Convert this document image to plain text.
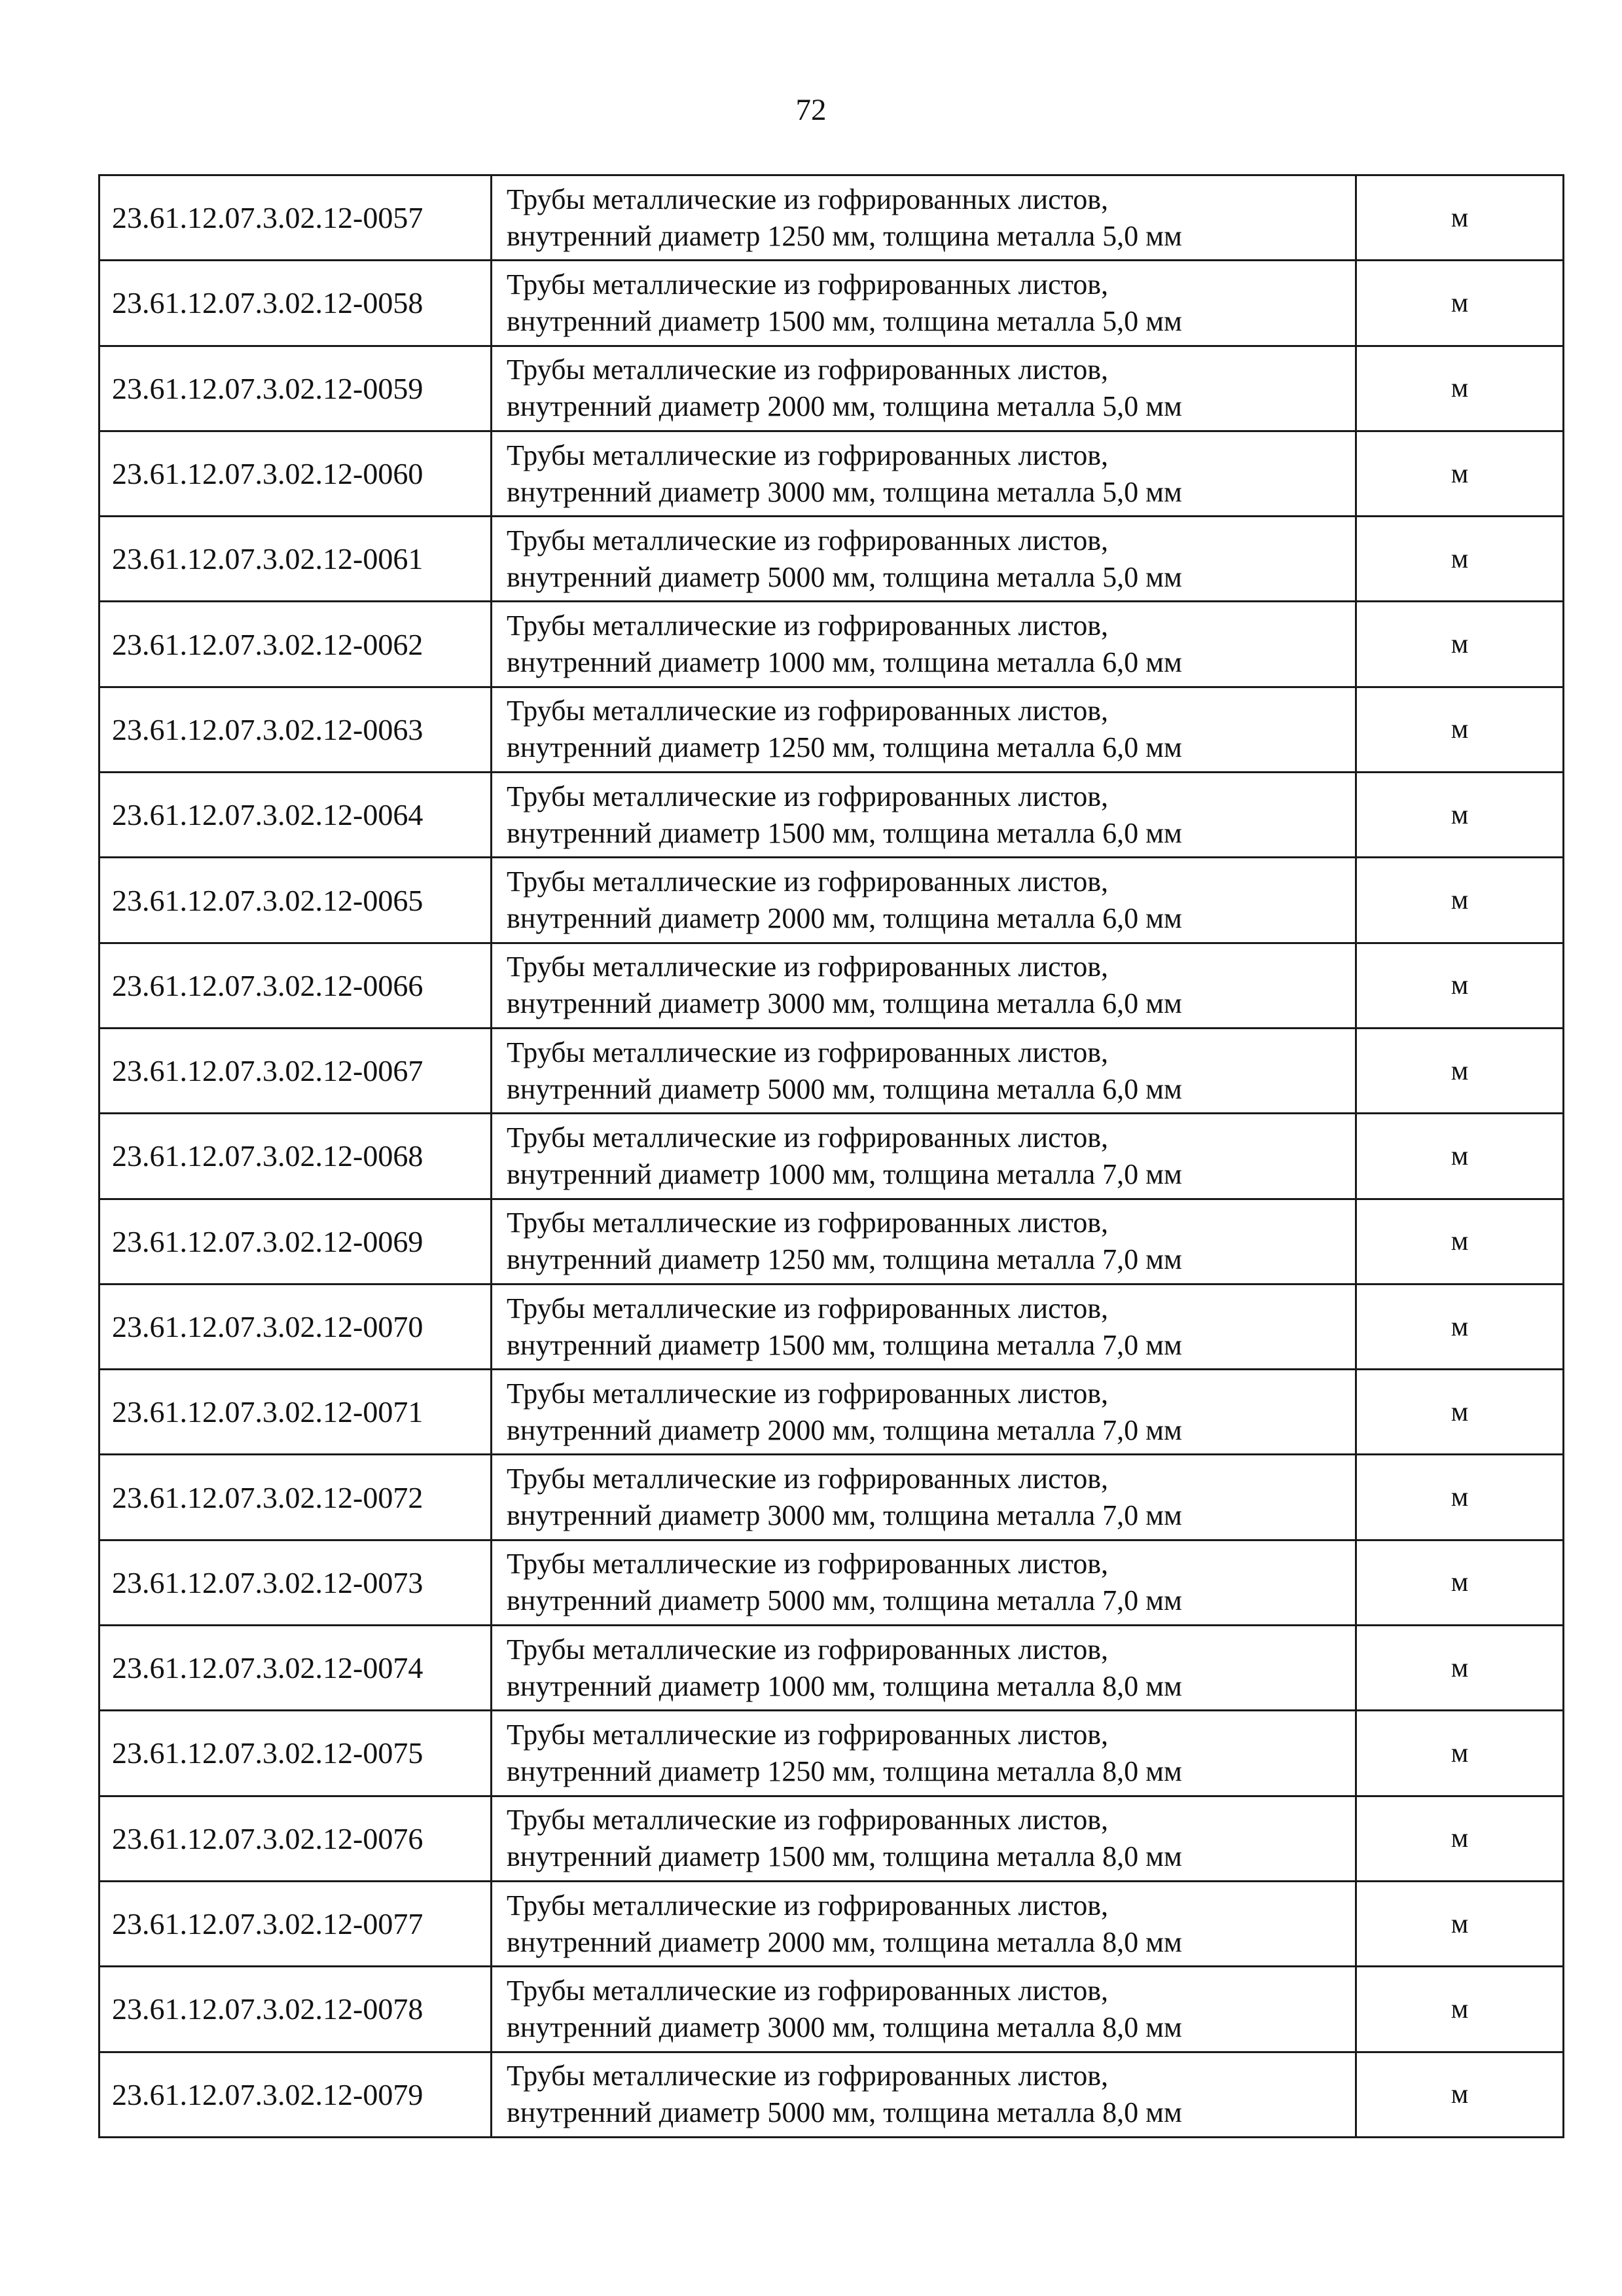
72
23.61.12.07.3.02.12-0057	Трубы металлические из гофрированных листов,
внутренний диаметр 1250 мм, толщина металла 5,0 мм	м
23.61.12.07.3.02.12-0058	Трубы металлические из гофрированных листов,
внутренний диаметр 1500 мм, толщина металла 5,0 мм	м
23.61.12.07.3.02.12-0059	Трубы металлические из гофрированных листов,
внутренний диаметр 2000 мм, толщина металла 5,0 мм	м
23.61.12.07.3.02.12-0060	Трубы металлические из гофрированных листов,
внутренний диаметр 3000 мм, толщина металла 5,0 мм	м
23.61.12.07.3.02.12-0061	Трубы металлические из гофрированных листов,
внутренний диаметр 5000 мм, толщина металла 5,0 мм	м
23.61.12.07.3.02.12-0062	Трубы металлические из гофрированных листов,
внутренний диаметр 1000 мм, толщина металла 6,0 мм	м
23.61.12.07.3.02.12-0063	Трубы металлические из гофрированных листов,
внутренний диаметр 1250 мм, толщина металла 6,0 мм	м
23.61.12.07.3.02.12-0064	Трубы металлические из гофрированных листов,
внутренний диаметр 1500 мм, толщина металла 6,0 мм	м
23.61.12.07.3.02.12-0065	Трубы металлические из гофрированных листов,
внутренний диаметр 2000 мм, толщина металла 6,0 мм	м
23.61.12.07.3.02.12-0066	Трубы металлические из гофрированных листов,
внутренний диаметр 3000 мм, толщина металла 6,0 мм	м
23.61.12.07.3.02.12-0067	Трубы металлические из гофрированных листов,
внутренний диаметр 5000 мм, толщина металла 6,0 мм	м
23.61.12.07.3.02.12-0068	Трубы металлические из гофрированных листов,
внутренний диаметр 1000 мм, толщина металла 7,0 мм	м
23.61.12.07.3.02.12-0069	Трубы металлические из гофрированных листов,
внутренний диаметр 1250 мм, толщина металла 7,0 мм	м
23.61.12.07.3.02.12-0070	Трубы металлические из гофрированных листов,
внутренний диаметр 1500 мм, толщина металла 7,0 мм	м
23.61.12.07.3.02.12-0071	Трубы металлические из гофрированных листов,
внутренний диаметр 2000 мм, толщина металла 7,0 мм	м
23.61.12.07.3.02.12-0072	Трубы металлические из гофрированных листов,
внутренний диаметр 3000 мм, толщина металла 7,0 мм	м
23.61.12.07.3.02.12-0073	Трубы металлические из гофрированных листов,
внутренний диаметр 5000 мм, толщина металла 7,0 мм	м
23.61.12.07.3.02.12-0074	Трубы металлические из гофрированных листов,
внутренний диаметр 1000 мм, толщина металла 8,0 мм	м
23.61.12.07.3.02.12-0075	Трубы металлические из гофрированных листов,
внутренний диаметр 1250 мм, толщина металла 8,0 мм	м
23.61.12.07.3.02.12-0076	Трубы металлические из гофрированных листов,
внутренний диаметр 1500 мм, толщина металла 8,0 мм	м
23.61.12.07.3.02.12-0077	Трубы металлические из гофрированных листов,
внутренний диаметр 2000 мм, толщина металла 8,0 мм	м
23.61.12.07.3.02.12-0078	Трубы металлические из гофрированных листов,
внутренний диаметр 3000 мм, толщина металла 8,0 мм	м
23.61.12.07.3.02.12-0079	Трубы металлические из гофрированных листов,
внутренний диаметр 5000 мм, толщина металла 8,0 мм	м
